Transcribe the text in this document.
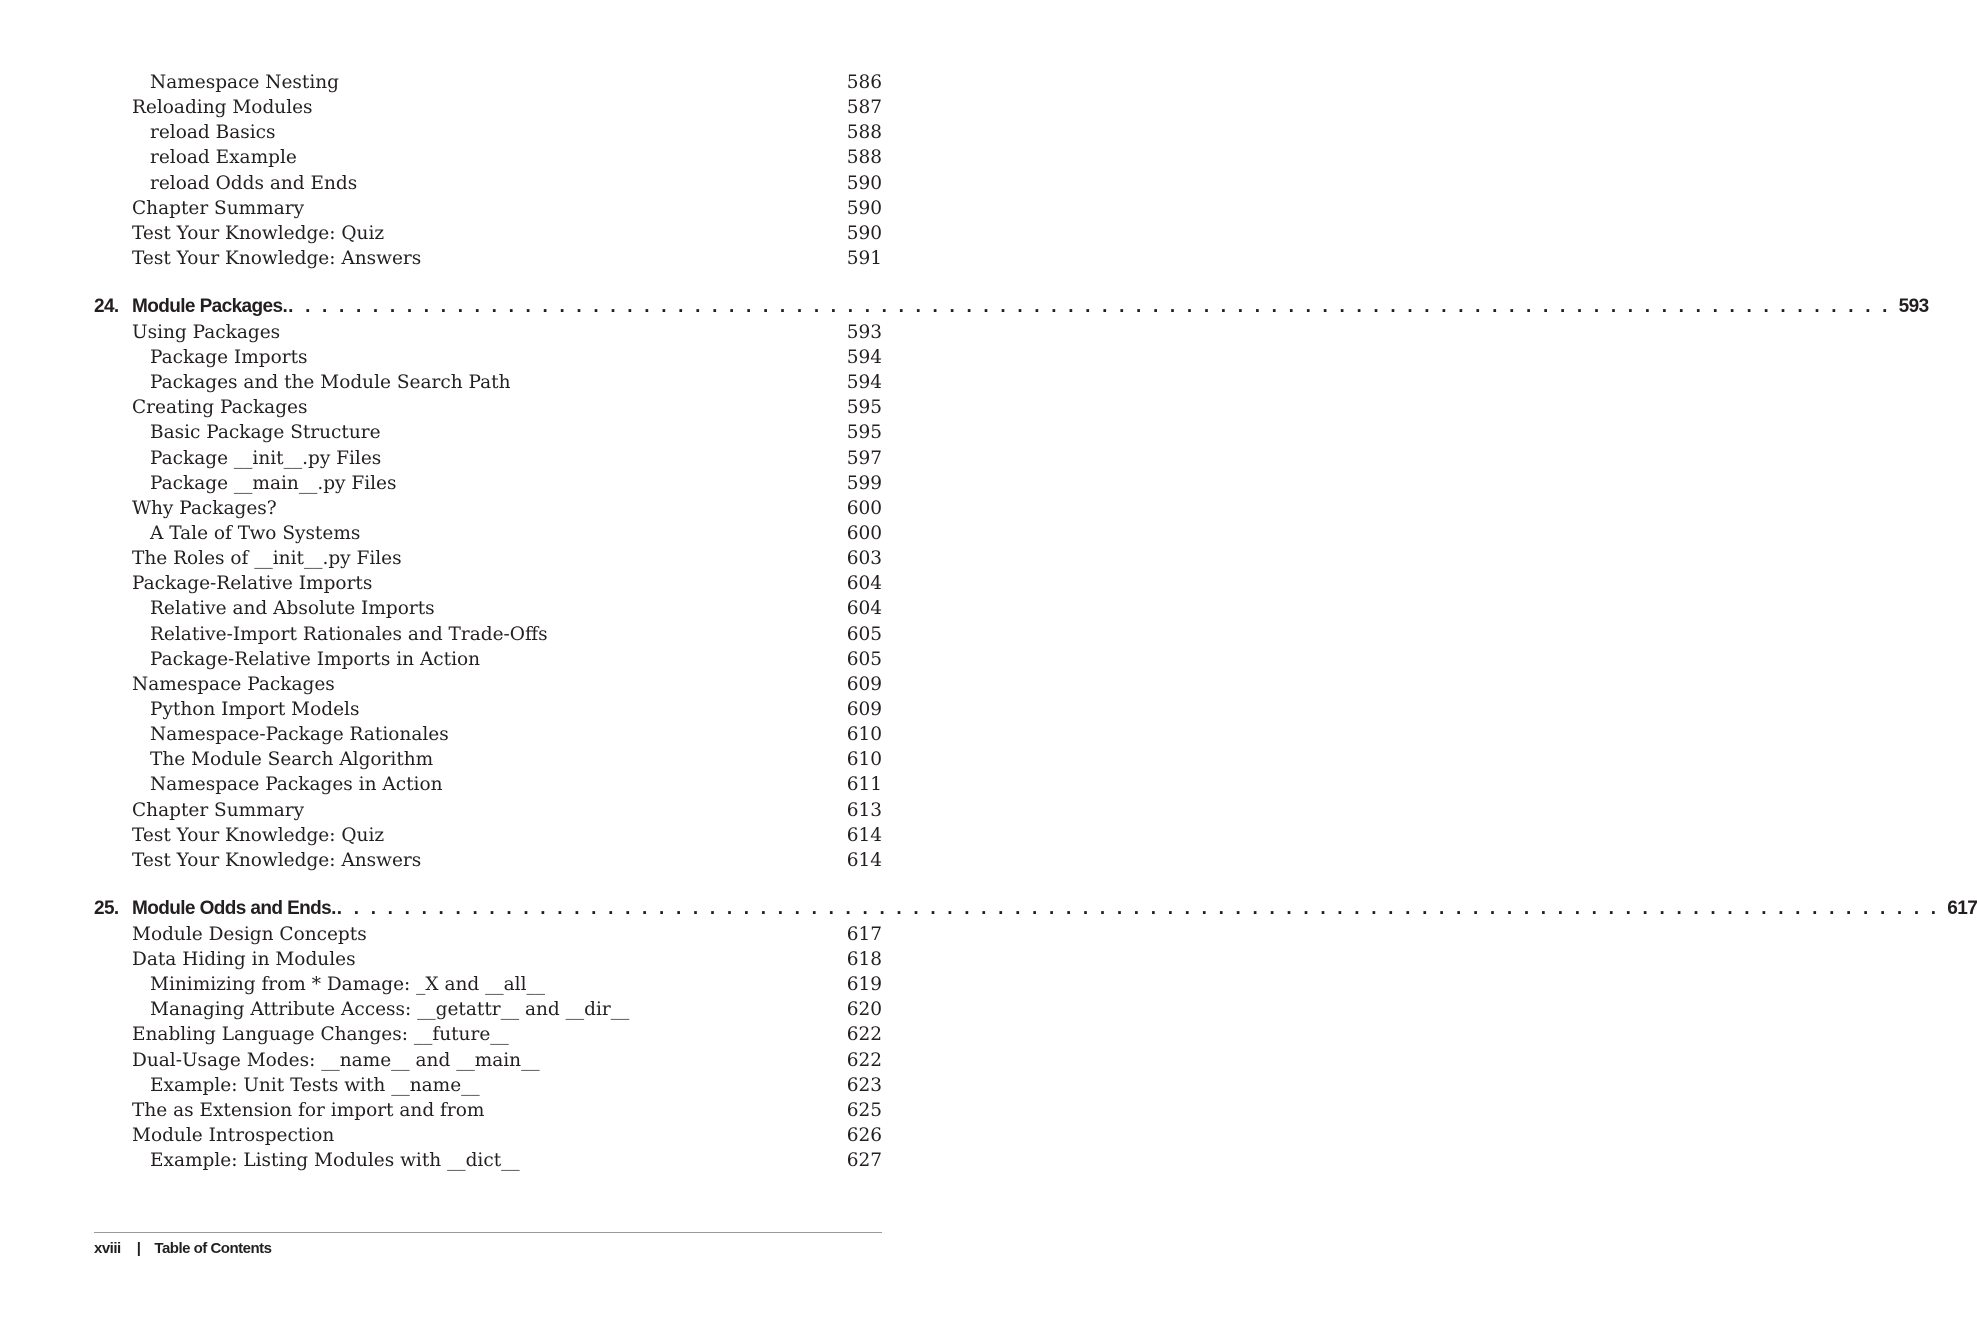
Namespace Nesting	586
Reloading Modules	587
reload Basics	588
reload Example	588
reload Odds and Ends	590
Chapter Summary	590
Test Your Knowledge: Quiz	590
Test Your Knowledge: Answers	591
24. Module Packages. . . . . . . . . . . . . . . . . . . . . . . . . . . . . . . . . . . . . . . . . . . . . . . . . . . . . . . . . . . . . . . . . . . . . . . . . . . . . . . . . . . . . . . . . . . . . . . . 593
Using Packages	593
Package Imports	594
Packages and the Module Search Path	594
Creating Packages	595
Basic Package Structure	595
Package __init__.py Files	597
Package __main__.py Files	599
Why Packages?	600
A Tale of Two Systems	600
The Roles of __init__.py Files	603
Package-Relative Imports	604
Relative and Absolute Imports	604
Relative-Import Rationales and Trade-Offs	605
Package-Relative Imports in Action	605
Namespace Packages	609
Python Import Models	609
Namespace-Package Rationales	610
The Module Search Algorithm	610
Namespace Packages in Action	611
Chapter Summary	613
Test Your Knowledge: Quiz	614
Test Your Knowledge: Answers	614
25. Module Odds and Ends. . . . . . . . . . . . . . . . . . . . . . . . . . . . . . . . . . . . . . . . . . . . . . . . . . . . . . . . . . . . . . . . . . . . . . . . . . . . . . . . . . . . . . . . . . . . . . . . 617
Module Design Concepts	617
Data Hiding in Modules	618
Minimizing from * Damage: _X and __all__	619
Managing Attribute Access: __getattr__ and __dir__	620
Enabling Language Changes: __future__	622
Dual-Usage Modes: __name__ and __main__	622
Example: Unit Tests with __name__	623
The as Extension for import and from	625
Module Introspection	626
Example: Listing Modules with __dict__	627
xviii | Table of Contents
